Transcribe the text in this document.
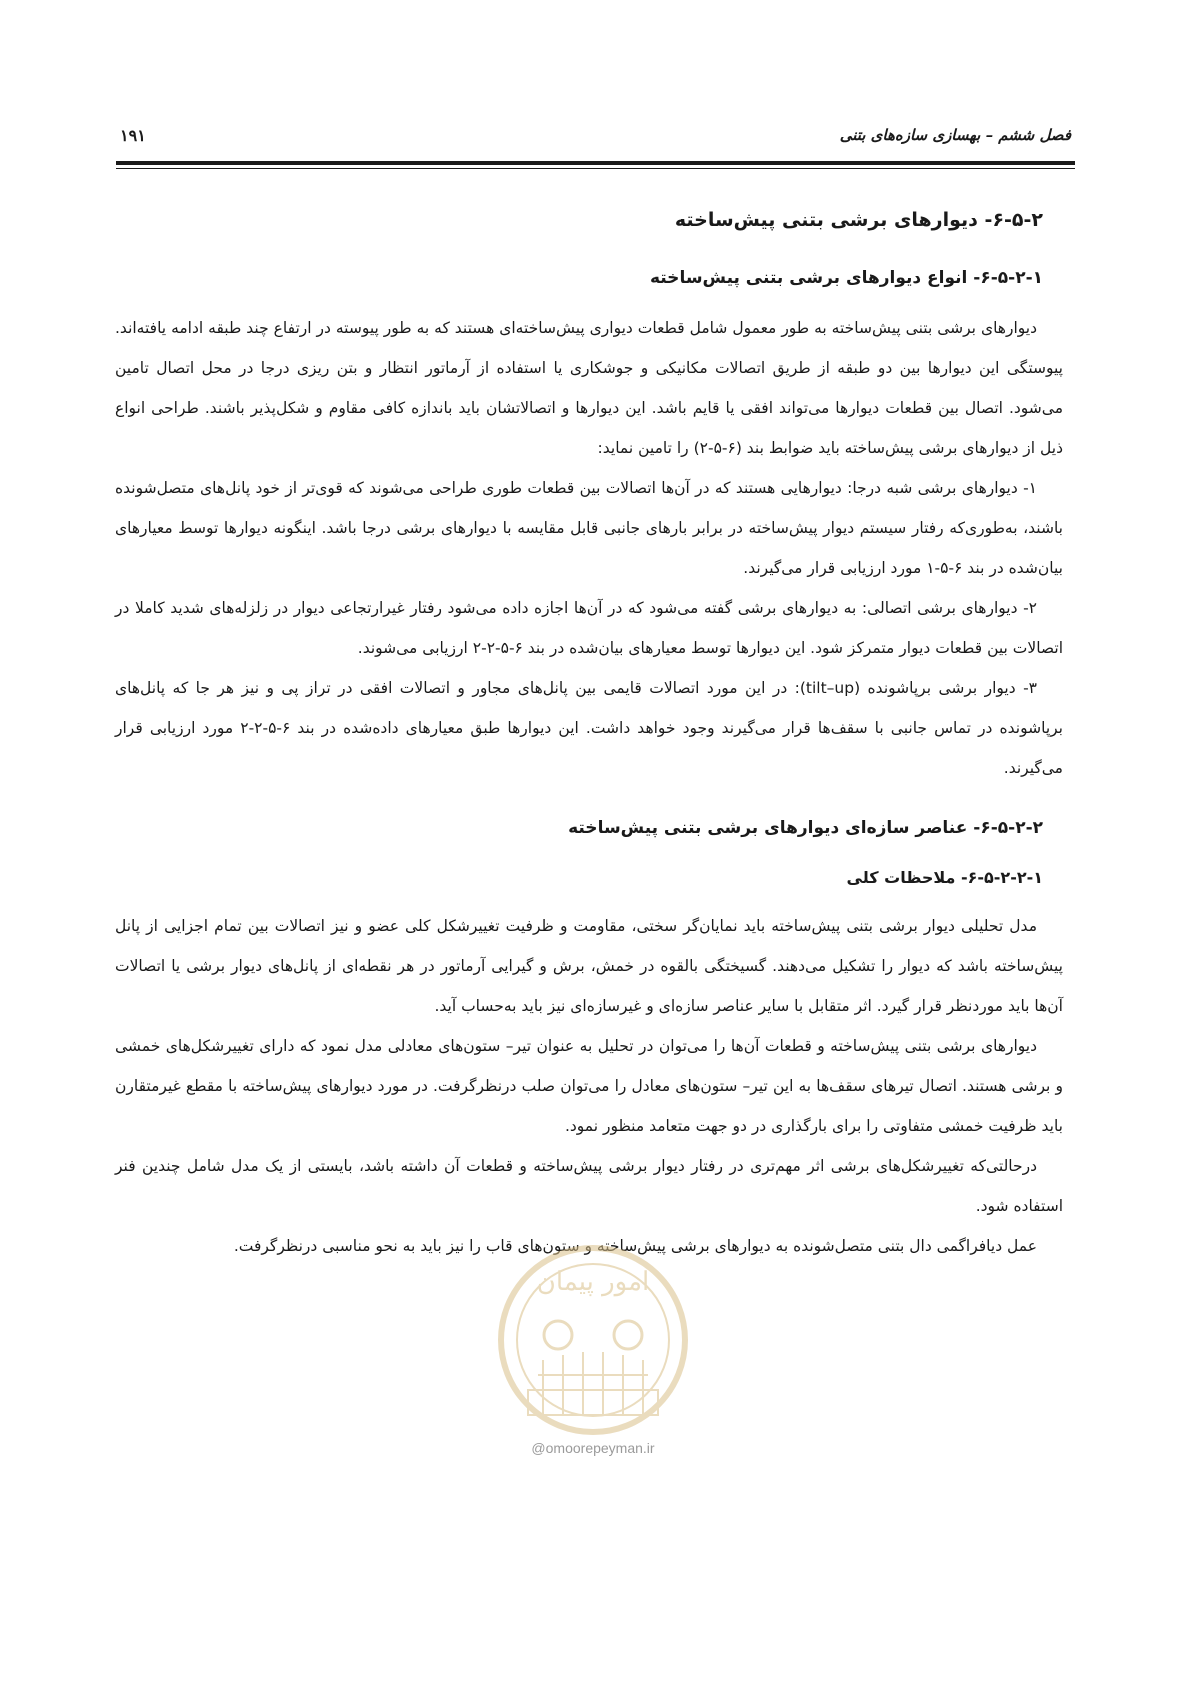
فصل ششم – بهسازی سازه‌های بتنی
۱۹۱
۶-۵-۲- دیوارهای برشی بتنی پیش‌ساخته
۶-۵-۲-۱- انواع دیوارهای برشی بتنی پیش‌ساخته

دیوارهای برشی بتنی پیش‌ساخته به طور معمول شامل قطعات دیواری پیش‌ساخته‌ای هستند که به طور پیوسته در ارتفاع چند طبقه ادامه یافته‌اند. پیوستگی این دیوارها بین دو طبقه از طریق اتصالات مکانیکی و جوشکاری یا استفاده از آرماتور انتظار و بتن ریزی درجا در محل اتصال تامین می‌شود. اتصال بین قطعات دیوارها می‌تواند افقی یا قایم باشد. این دیوارها و اتصالاتشان باید باندازه کافی مقاوم و شکل‌پذیر باشند. طراحی انواع ذیل از دیوارهای برشی پیش‌ساخته باید ضوابط بند (۶-۵-۲) را تامین نماید:

۱- دیوارهای برشی شبه درجا: دیوارهایی هستند که در آن‌ها اتصالات بین قطعات طوری طراحی می‌شوند که قوی‌تر از خود پانل‌های متصل‌شونده باشند، به‌طوری‌که رفتار سیستم دیوار پیش‌ساخته در برابر بارهای جانبی قابل مقایسه با دیوارهای برشی درجا باشد. اینگونه دیوارها توسط معیارهای بیان‌شده در بند ۶-۵-۱ مورد ارزیابی قرار می‌گیرند.

۲- دیوارهای برشی اتصالی: به دیوارهای برشی گفته می‌شود که در آن‌ها اجازه داده می‌شود رفتار غیرارتجاعی دیوار در زلزله‌های شدید کاملا در اتصالات بین قطعات دیوار متمرکز شود. این دیوارها توسط معیارهای بیان‌شده در بند ۶-۵-۲-۲ ارزیابی می‌شوند.

۳- دیوار برشی برپاشونده (tilt–up): در این مورد اتصالات قایمی بین پانل‌های مجاور و اتصالات افقی در تراز پی و نیز هر جا که پانل‌های برپاشونده در تماس جانبی با سقف‌ها قرار می‌گیرند وجود خواهد داشت. این دیوارها طبق معیارهای داده‌شده در بند ۶-۵-۲-۲ مورد ارزیابی قرار می‌گیرند.

۶-۵-۲-۲- عناصر سازه‌ای دیوارهای برشی بتنی پیش‌ساخته
۶-۵-۲-۲-۱- ملاحظات کلی

مدل تحلیلی دیوار برشی بتنی پیش‌ساخته باید نمایان‌گر سختی، مقاومت و ظرفیت تغییرشکل کلی عضو و نیز اتصالات بین تمام اجزایی از پانل پیش‌ساخته باشد که دیوار را تشکیل می‌دهند. گسیختگی بالقوه در خمش، برش و گیرایی آرماتور در هر نقطه‌ای از پانل‌های دیوار برشی یا اتصالات آن‌ها باید موردنظر قرار گیرد. اثر متقابل با سایر عناصر سازه‌ای و غیرسازه‌ای نیز باید به‌حساب آید.

دیوارهای برشی بتنی پیش‌ساخته و قطعات آن‌ها را می‌توان در تحلیل به عنوان تیر– ستون‌های معادلی مدل نمود که دارای تغییرشکل‌های خمشی و برشی هستند. اتصال تیرهای سقف‌ها به این تیر– ستون‌های معادل را می‌توان صلب درنظرگرفت. در مورد دیوارهای پیش‌ساخته با مقطع غیرمتقارن باید ظرفیت خمشی متفاوتی را برای بارگذاری در دو جهت متعامد منظور نمود.

درحالتی‌که تغییرشکل‌های برشی اثر مهم‌تری در رفتار دیوار برشی پیش‌ساخته و قطعات آن داشته باشد، بایستی از یک مدل شامل چندین فنر استفاده شود.

عمل دیافراگمی دال بتنی متصل‌شونده به دیوارهای برشی پیش‌ساخته و ستون‌های قاب را نیز باید به نحو مناسبی درنظرگرفت.

امور پیمان
@omoorepeyman.ir
